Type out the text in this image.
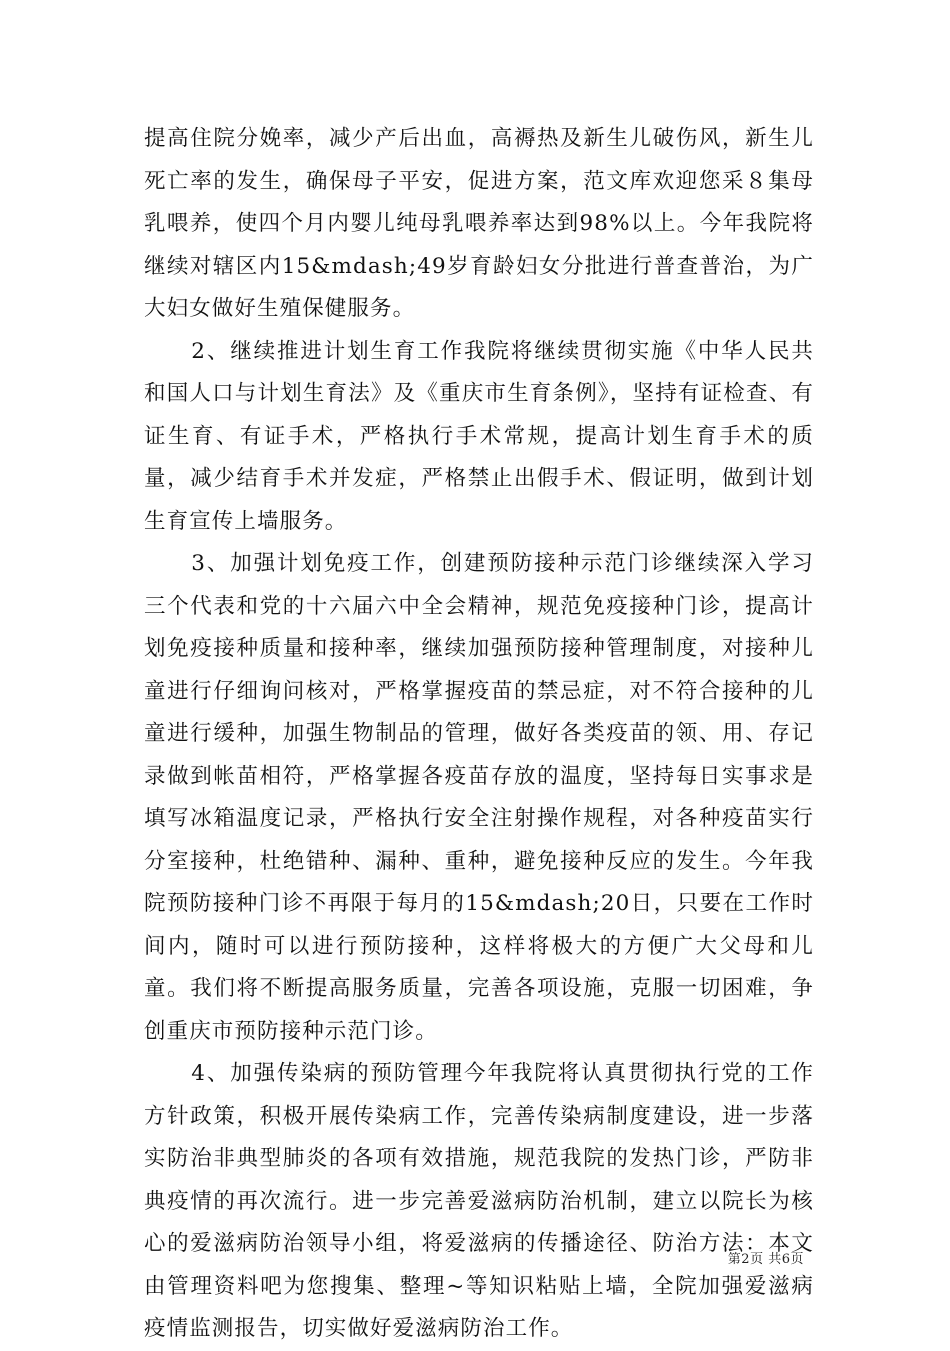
提高住院分娩率，减少产后出血，高褥热及新生儿破伤风，新生儿死亡率的发生，确保母子平安，促进方案，范文库欢迎您采８集母乳喂养，使四个月内婴儿纯母乳喂养率达到98%以上。今年我院将继续对辖区内15&mdash;49岁育龄妇女分批进行普查普治，为广大妇女做好生殖保健服务。

2、继续推进计划生育工作我院将继续贯彻实施《中华人民共和国人口与计划生育法》及《重庆市生育条例》，坚持有证检查、有证生育、有证手术，严格执行手术常规，提高计划生育手术的质量，减少结育手术并发症，严格禁止出假手术、假证明，做到计划生育宣传上墙服务。

3、加强计划免疫工作，创建预防接种示范门诊继续深入学习三个代表和党的十六届六中全会精神，规范免疫接种门诊，提高计划免疫接种质量和接种率，继续加强预防接种管理制度，对接种儿童进行仔细询问核对，严格掌握疫苗的禁忌症，对不符合接种的儿童进行缓种，加强生物制品的管理，做好各类疫苗的领、用、存记录做到帐苗相符，严格掌握各疫苗存放的温度，坚持每日实事求是填写冰箱温度记录，严格执行安全注射操作规程，对各种疫苗实行分室接种，杜绝错种、漏种、重种，避免接种反应的发生。今年我院预防接种门诊不再限于每月的15&mdash;20日，只要在工作时间内，随时可以进行预防接种，这样将极大的方便广大父母和儿童。我们将不断提高服务质量，完善各项设施，克服一切困难，争创重庆市预防接种示范门诊。

4、加强传染病的预防管理今年我院将认真贯彻执行党的工作方针政策，积极开展传染病工作，完善传染病制度建设，进一步落实防治非典型肺炎的各项有效措施，规范我院的发热门诊，严防非典疫情的再次流行。进一步完善爱滋病防治机制，建立以院长为核心的爱滋病防治领导小组，将爱滋病的传播途径、防治方法：本文由管理资料吧为您搜集、整理~等知识粘贴上墙，全院加强爱滋病疫情监测报告，切实做好爱滋病防治工作。

第2页 共6页
